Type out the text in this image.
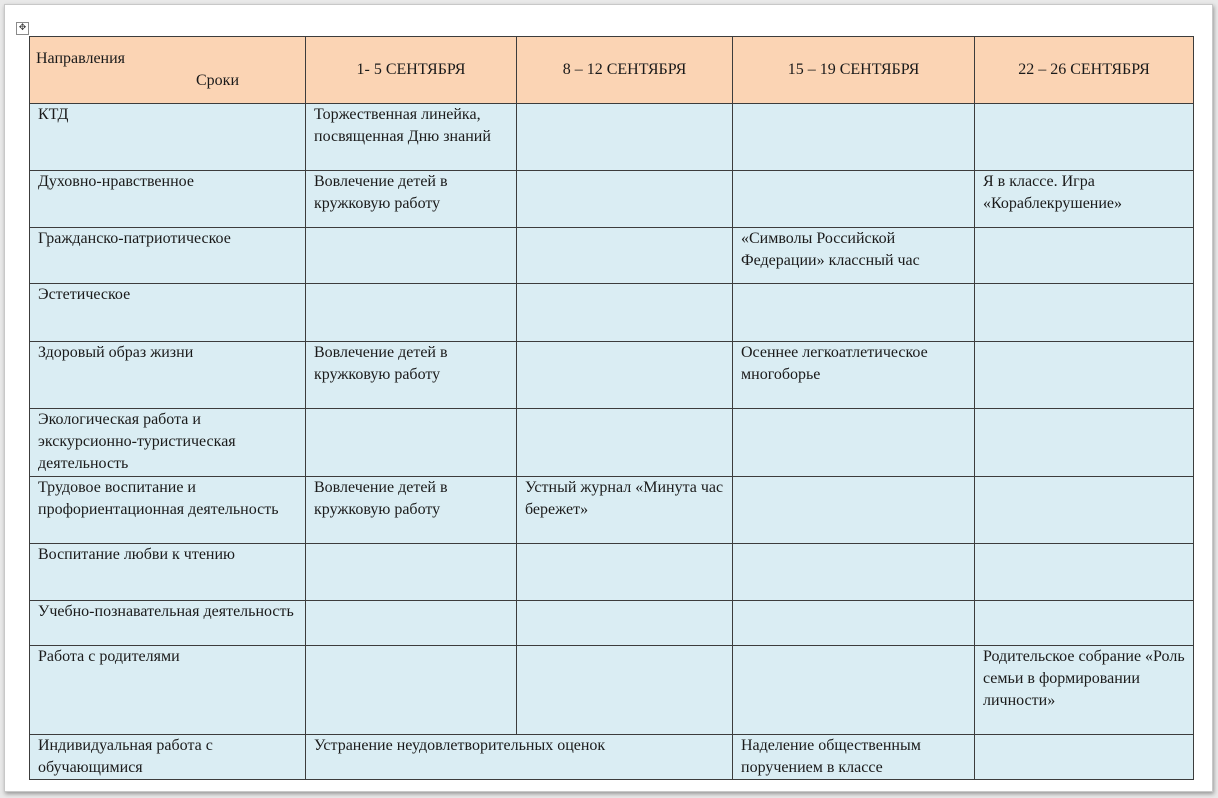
✥
Направления
Сроки	1- 5 СЕНТЯБРЯ	8 – 12 СЕНТЯБРЯ	15 – 19 СЕНТЯБРЯ	22 – 26 СЕНТЯБРЯ
КТД	Торжественная линейка, посвященная Дню знаний			
Духовно-нравственное	Вовлечение детей в кружковую работу			Я в классе. Игра «Кораблекрушение»
Гражданско-патриотическое			«Символы Российской Федерации» классный час	
Эстетическое				
Здоровый образ жизни	Вовлечение детей в кружковую работу		Осеннее легкоатлетическое многоборье	
Экологическая работа и экскурсионно-туристическая деятельность				
Трудовое воспитание и профориентационная деятельность	Вовлечение детей в кружковую работу	Устный журнал «Минута час бережет»		
Воспитание любви к чтению				
Учебно-познавательная деятельность				
Работа с родителями				Родительское собрание «Роль семьи в формировании личности»
Индивидуальная работа с обучающимися	Устранение неудовлетворительных оценок		Наделение общественным поручением в классе	
